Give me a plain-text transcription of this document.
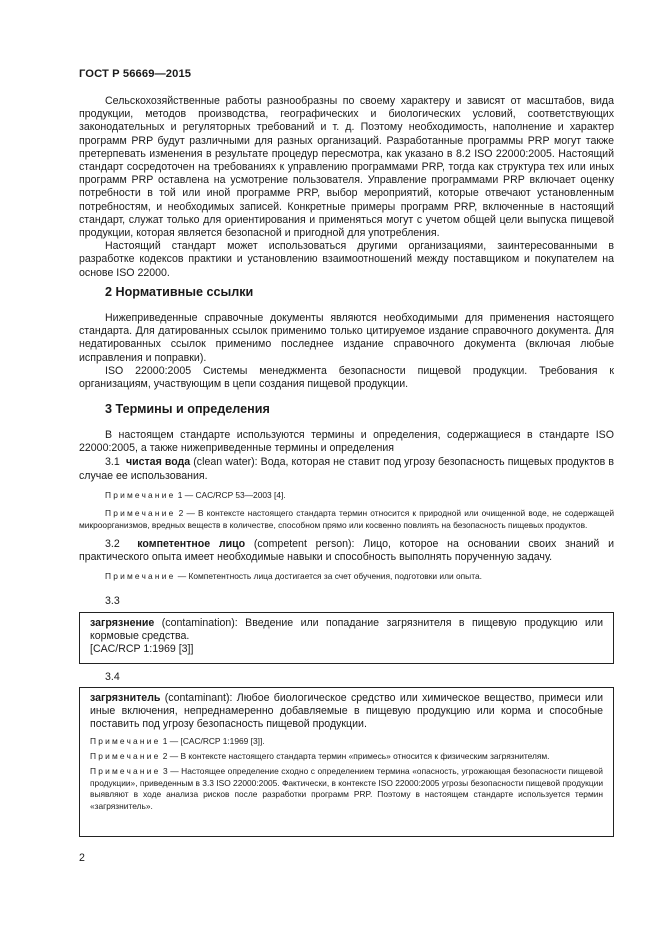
ГОСТ Р 56669—2015

Сельскохозяйственные работы разнообразны по своему характеру и зависят от масштабов, вида продукции, методов производства, географических и биологических условий, соответствующих законодательных и регуляторных требований и т. д. Поэтому необходимость, наполнение и характер программ PRP будут различными для разных организаций. Разработанные программы PRP могут также претерпевать изменения в результате процедур пересмотра, как указано в 8.2 ISO 22000:2005. Настоящий стандарт сосредоточен на требованиях к управлению программами PRP, тогда как структура тех или иных программ PRP оставлена на усмотрение пользователя. Управление программами PRP включает оценку потребности в той или иной программе PRP, выбор мероприятий, которые отвечают установленным потребностям, и необходимых записей. Конкретные примеры программ PRP, включенные в настоящий стандарт, служат только для ориентирования и применяться могут с учетом общей цели выпуска пищевой продукции, которая является безопасной и пригодной для употребления.

Настоящий стандарт может использоваться другими организациями, заинтересованными в разработке кодексов практики и установлению взаимоотношений между поставщиком и покупателем на основе ISO 22000.

2 Нормативные ссылки

Нижеприведенные справочные документы являются необходимыми для применения настоящего стандарта. Для датированных ссылок применимо только цитируемое издание справочного документа. Для недатированных ссылок применимо последнее издание справочного документа (включая любые исправления и поправки).

ISO 22000:2005 Системы менеджмента безопасности пищевой продукции. Требования к организациям, участвующим в цепи создания пищевой продукции.

3 Термины и определения

В настоящем стандарте используются термины и определения, содержащиеся в стандарте ISO 22000:2005, а также нижеприведенные термины и определения

3.1 чистая вода (clean water): Вода, которая не ставит под угрозу безопасность пищевых продуктов в случае ее использования.

Примечание 1 — CAC/RCP 53—2003 [4].

Примечание 2 — В контексте настоящего стандарта термин относится к природной или очищенной воде, не содержащей микроорганизмов, вредных веществ в количестве, способном прямо или косвенно повлиять на безопасность пищевых продуктов.

3.2 компетентное лицо (competent person): Лицо, которое на основании своих знаний и практического опыта имеет необходимые навыки и способность выполнять порученную задачу.

Примечание — Компетентность лица достигается за счет обучения, подготовки или опыта.

3.3

загрязнение (contamination): Введение или попадание загрязнителя в пищевую продукцию или кормовые средства.

[CAC/RCP 1:1969 [3]]

3.4

загрязнитель (contaminant): Любое биологическое средство или химическое вещество, примеси или иные включения, непреднамеренно добавляемые в пищевую продукцию или корма и способные поставить под угрозу безопасность пищевой продукции.

Примечание 1 — [CAC/RCP 1:1969 [3]].

Примечание 2 — В контексте настоящего стандарта термин «примесь» относится к физическим загрязнителям.

Примечание 3 — Настоящее определение сходно с определением термина «опасность, угрожающая безопасности пищевой продукции», приведенным в 3.3 ISO 22000:2005. Фактически, в контексте ISO 22000:2005 угрозы безопасности пищевой продукции выявляют в ходе анализа рисков после разработки программ PRP. Поэтому в настоящем стандарте используется термин «загрязнитель».

2
